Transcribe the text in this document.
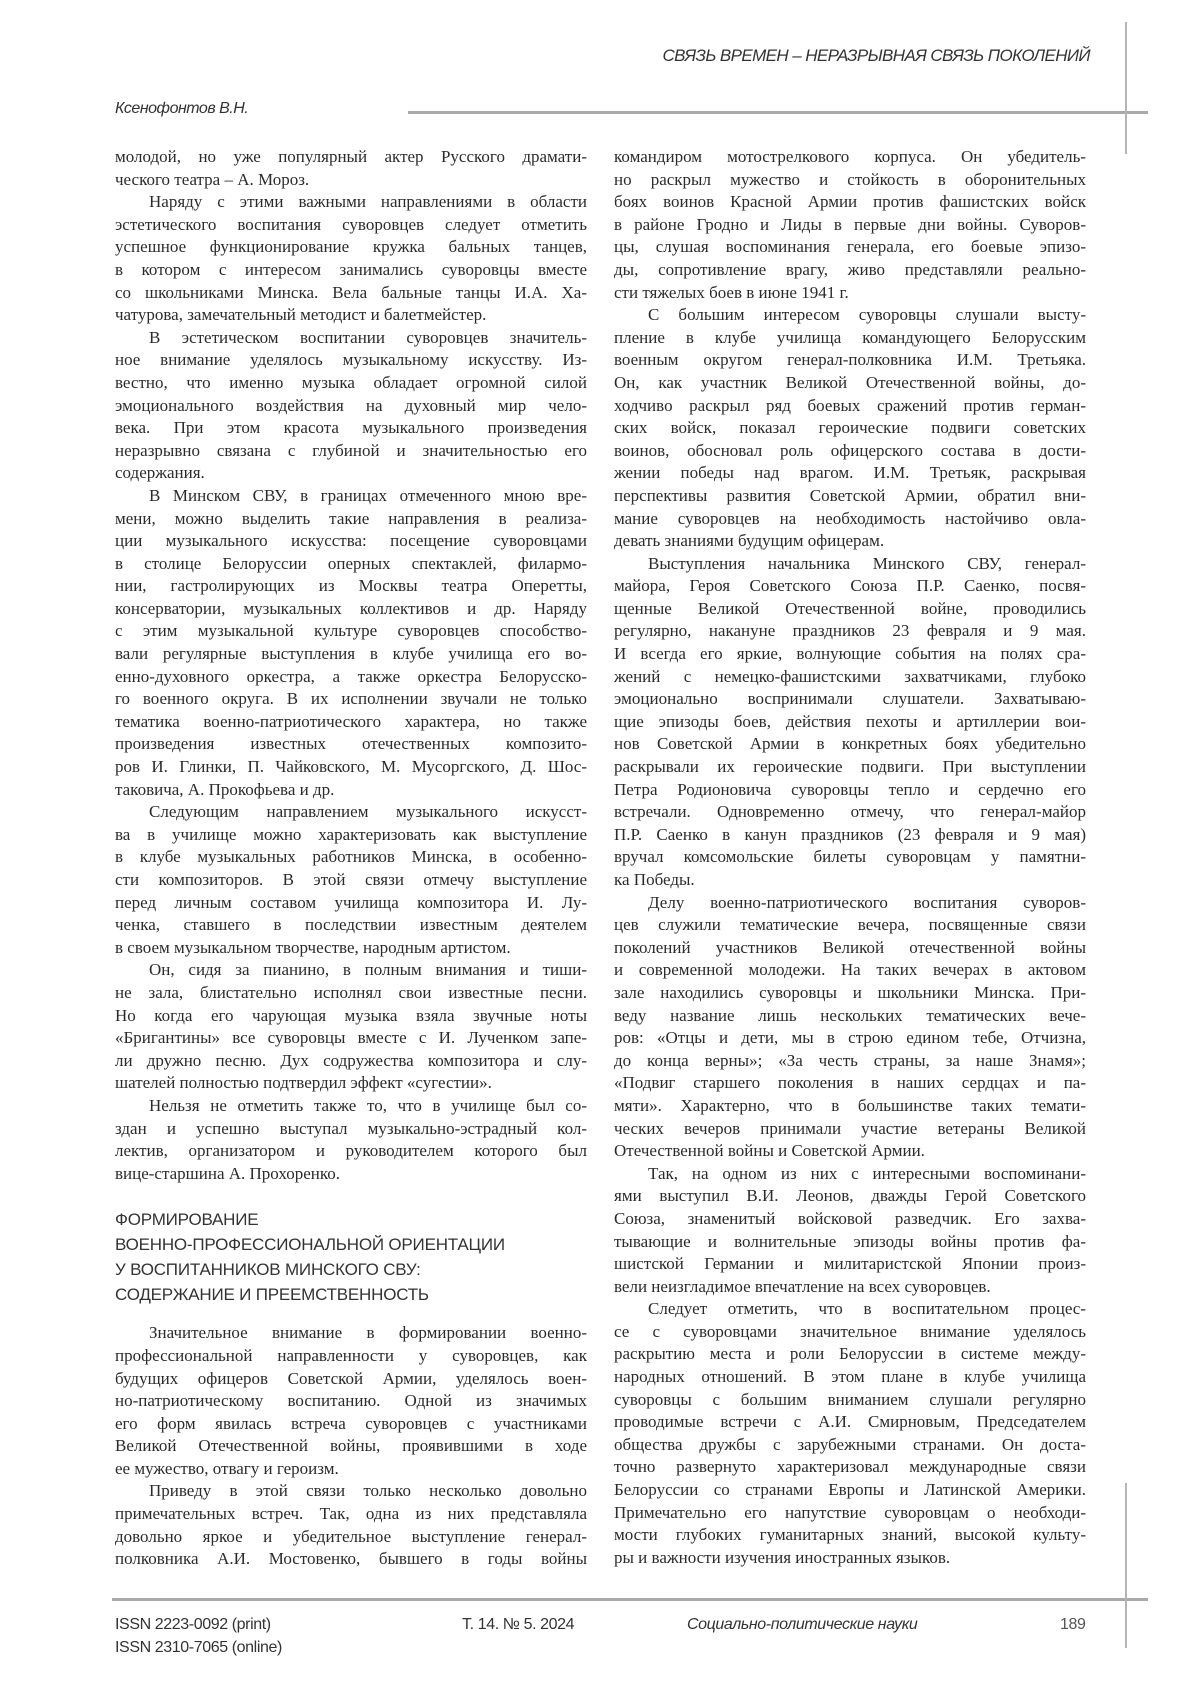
СВЯЗЬ ВРЕМЕН – НЕРАЗРЫВНАЯ СВЯЗЬ ПОКОЛЕНИЙ
Ксенофонтов В.Н.
молодой, но уже популярный актер Русского драмати-
ческого театра – А. Мороз.
Наряду с этими важными направлениями в области
эстетического воспитания суворовцев следует отметить
успешное функционирование кружка бальных танцев,
в котором с интересом занимались суворовцы вместе
со школьниками Минска. Вела бальные танцы И.А. Ха-
чатурова, замечательный методист и балетмейстер.
В эстетическом воспитании суворовцев значитель-
ное внимание уделялось музыкальному искусству. Из-
вестно, что именно музыка обладает огромной силой
эмоционального воздействия на духовный мир чело-
века. При этом красота музыкального произведения
неразрывно связана с глубиной и значительностью его
содержания.
В Минском СВУ, в границах отмеченного мною вре-
мени, можно выделить такие направления в реализа-
ции музыкального искусства: посещение суворовцами
в столице Белоруссии оперных спектаклей, филармо-
нии, гастролирующих из Москвы театра Оперетты,
консерватории, музыкальных коллективов и др. Наряду
с этим музыкальной культуре суворовцев способство-
вали регулярные выступления в клубе училища его во-
енно-духовного оркестра, а также оркестра Белорусско-
го военного округа. В их исполнении звучали не только
тематика военно-патриотического характера, но также
произведения известных отечественных композито-
ров И. Глинки, П. Чайковского, М. Мусоргского, Д. Шос-
таковича, А. Прокофьева и др.
Следующим направлением музыкального искусст-
ва в училище можно характеризовать как выступление
в клубе музыкальных работников Минска, в особенно-
сти композиторов. В этой связи отмечу выступление
перед личным составом училища композитора И. Лу-
ченка, ставшего в последствии известным деятелем
в своем музыкальном творчестве, народным артистом.
Он, сидя за пианино, в полным внимания и тиши-
не зала, блистательно исполнял свои известные песни.
Но когда его чарующая музыка взяла звучные ноты
«Бригантины» все суворовцы вместе с И. Лученком запе-
ли дружно песню. Дух содружества композитора и слу-
шателей полностью подтвердил эффект «сугестии».
Нельзя не отметить также то, что в училище был со-
здан и успешно выступал музыкально-эстрадный кол-
лектив, организатором и руководителем которого был
вице-старшина А. Прохоренко.
ФОРМИРОВАНИЕ
ВОЕННО-ПРОФЕССИОНАЛЬНОЙ ОРИЕНТАЦИИ
У ВОСПИТАННИКОВ МИНСКОГО СВУ:
СОДЕРЖАНИЕ И ПРЕЕМСТВЕННОСТЬ
Значительное внимание в формировании военно-
профессиональной направленности у суворовцев, как
будущих офицеров Советской Армии, уделялось воен-
но-патриотическому воспитанию. Одной из значимых
его форм явилась встреча суворовцев с участниками
Великой Отечественной войны, проявившими в ходе
ее мужество, отвагу и героизм.
Приведу в этой связи только несколько довольно
примечательных встреч. Так, одна из них представляла
довольно яркое и убедительное выступление генерал-
полковника А.И. Мостовенко, бывшего в годы войны
командиром мотострелкового корпуса. Он убедитель-
но раскрыл мужество и стойкость в оборонительных
боях воинов Красной Армии против фашистских войск
в районе Гродно и Лиды в первые дни войны. Суворов-
цы, слушая воспоминания генерала, его боевые эпизо-
ды, сопротивление врагу, живо представляли реально-
сти тяжелых боев в июне 1941 г.
С большим интересом суворовцы слушали высту-
пление в клубе училища командующего Белорусским
военным округом генерал-полковника И.М. Третьяка.
Он, как участник Великой Отечественной войны, до-
ходчиво раскрыл ряд боевых сражений против герман-
ских войск, показал героические подвиги советских
воинов, обосновал роль офицерского состава в дости-
жении победы над врагом. И.М. Третьяк, раскрывая
перспективы развития Советской Армии, обратил вни-
мание суворовцев на необходимость настойчиво овла-
девать знаниями будущим офицерам.
Выступления начальника Минского СВУ, генерал-
майора, Героя Советского Союза П.Р. Саенко, посвя-
щенные Великой Отечественной войне, проводились
регулярно, накануне праздников 23 февраля и 9 мая.
И всегда его яркие, волнующие события на полях сра-
жений с немецко-фашистскими захватчиками, глубоко
эмоционально воспринимали слушатели. Захватываю-
щие эпизоды боев, действия пехоты и артиллерии вои-
нов Советской Армии в конкретных боях убедительно
раскрывали их героические подвиги. При выступлении
Петра Родионовича суворовцы тепло и сердечно его
встречали. Одновременно отмечу, что генерал-майор
П.Р. Саенко в канун праздников (23 февраля и 9 мая)
вручал комсомольские билеты суворовцам у памятни-
ка Победы.
Делу военно-патриотического воспитания суворов-
цев служили тематические вечера, посвященные связи
поколений участников Великой отечественной войны
и современной молодежи. На таких вечерах в актовом
зале находились суворовцы и школьники Минска. При-
веду название лишь нескольких тематических вече-
ров: «Отцы и дети, мы в строю едином тебе, Отчизна,
до конца верны»; «За честь страны, за наше Знамя»;
«Подвиг старшего поколения в наших сердцах и па-
мяти». Характерно, что в большинстве таких темати-
ческих вечеров принимали участие ветераны Великой
Отечественной войны и Советской Армии.
Так, на одном из них с интересными воспоминани-
ями выступил В.И. Леонов, дважды Герой Советского
Союза, знаменитый войсковой разведчик. Его захва-
тывающие и волнительные эпизоды войны против фа-
шистской Германии и милитаристской Японии произ-
вели неизгладимое впечатление на всех суворовцев.
Следует отметить, что в воспитательном процес-
се с суворовцами значительное внимание уделялось
раскрытию места и роли Белоруссии в системе между-
народных отношений. В этом плане в клубе училища
суворовцы с большим вниманием слушали регулярно
проводимые встречи с А.И. Смирновым, Председателем
общества дружбы с зарубежными странами. Он доста-
точно развернуто характеризовал международные связи
Белоруссии со странами Европы и Латинской Америки.
Примечательно его напутствие суворовцам о необходи-
мости глубоких гуманитарных знаний, высокой культу-
ры и важности изучения иностранных языков.
ISSN 2223-0092 (print)
ISSN 2310-7065 (online)
Т. 14. № 5. 2024	Социально-политические науки	189
